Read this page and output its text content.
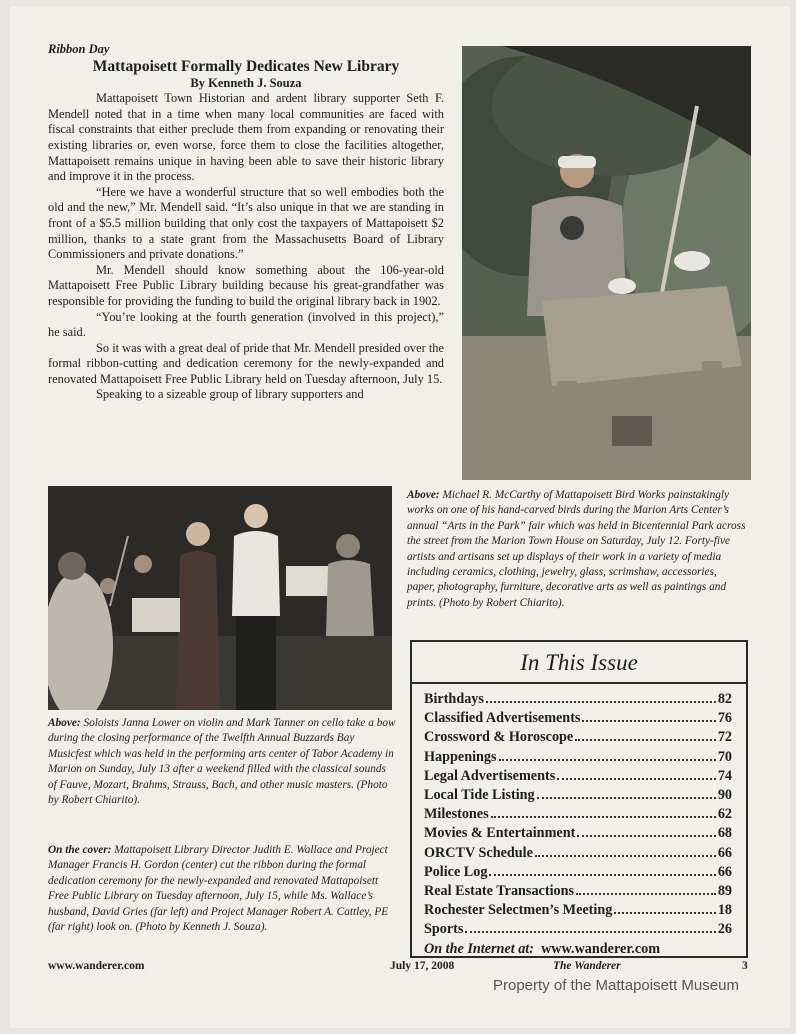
Ribbon Day

Mattapoisett Formally Dedicates New Library

By Kenneth J. Souza

Mattapoisett Town Historian and ardent library supporter Seth F. Mendell noted that in a time when many local communities are faced with fiscal constraints that either preclude them from expanding or renovating their existing libraries or, even worse, force them to close the facilities altogether, Mattapoisett remains unique in having been able to save their historic library and improve it in the process.

“Here we have a wonderful structure that so well embodies both the old and the new,” Mr. Mendell said. “It’s also unique in that we are standing in front of a $5.5 million building that only cost the taxpayers of Mattapoisett $2 million, thanks to a state grant from the Massachusetts Board of Library Commissioners and private donations.”

Mr. Mendell should know something about the 106-year-old Mattapoisett Free Public Library building because his great-grandfather was responsible for providing the funding to build the original library back in 1902.

“You’re looking at the fourth generation (involved in this project),” he said.

So it was with a great deal of pride that Mr. Mendell presided over the formal ribbon-cutting and dedication ceremony for the newly-expanded and renovated Mattapoisett Free Public Library held on Tuesday afternoon, July 15.

Speaking to a sizeable group of library supporters and

Above: Michael R. McCarthy of Mattapoisett Bird Works painstakingly works on one of his hand-carved birds during the Marion Arts Center’s annual “Arts in the Park” fair which was held in Bicentennial Park across the street from the Marion Town House on Saturday, July 12. Forty-five artists and artisans set up displays of their work in a variety of media including ceramics, clothing, jewelry, glass, scrimshaw, accessories, paper, photography, furniture, decorative arts as well as paintings and prints. (Photo by Robert Chiarito).
Above: Soloists Janna Lower on violin and Mark Tanner on cello take a bow during the closing performance of the Twelfth Annual Buzzards Bay Musicfest which was held in the performing arts center of Tabor Academy in Marion on Sunday, July 13 after a weekend filled with the classical sounds of Fauve, Mozart, Brahms, Strauss, Bach, and other music masters. (Photo by Robert Chiarito).
On the cover: Mattapoisett Library Director Judith E. Wallace and Project Manager Francis H. Gordon (center) cut the ribbon during the formal dedication ceremony for the newly-expanded and renovated Mattapoisett Free Public Library on Tuesday afternoon, July 15, while Ms. Wallace’s husband, David Gries (far left) and Project Manager Robert A. Cattley, PE (far right) look on. (Photo by Kenneth J. Souza).
In This Issue
Birthdays	82
Classified Advertisements	76
Crossword & Horoscope	72
Happenings	70
Legal Advertisements	74
Local Tide Listing	90
Milestones	62
Movies & Entertainment	68
ORCTV Schedule	66
Police Log	66
Real Estate Transactions	89
Rochester Selectmen’s Meeting	18
Sports	26
On the Internet at: www.wanderer.com
www.wanderer.com	July 17, 2008	The Wanderer	3
Property of the Mattapoisett Museum
